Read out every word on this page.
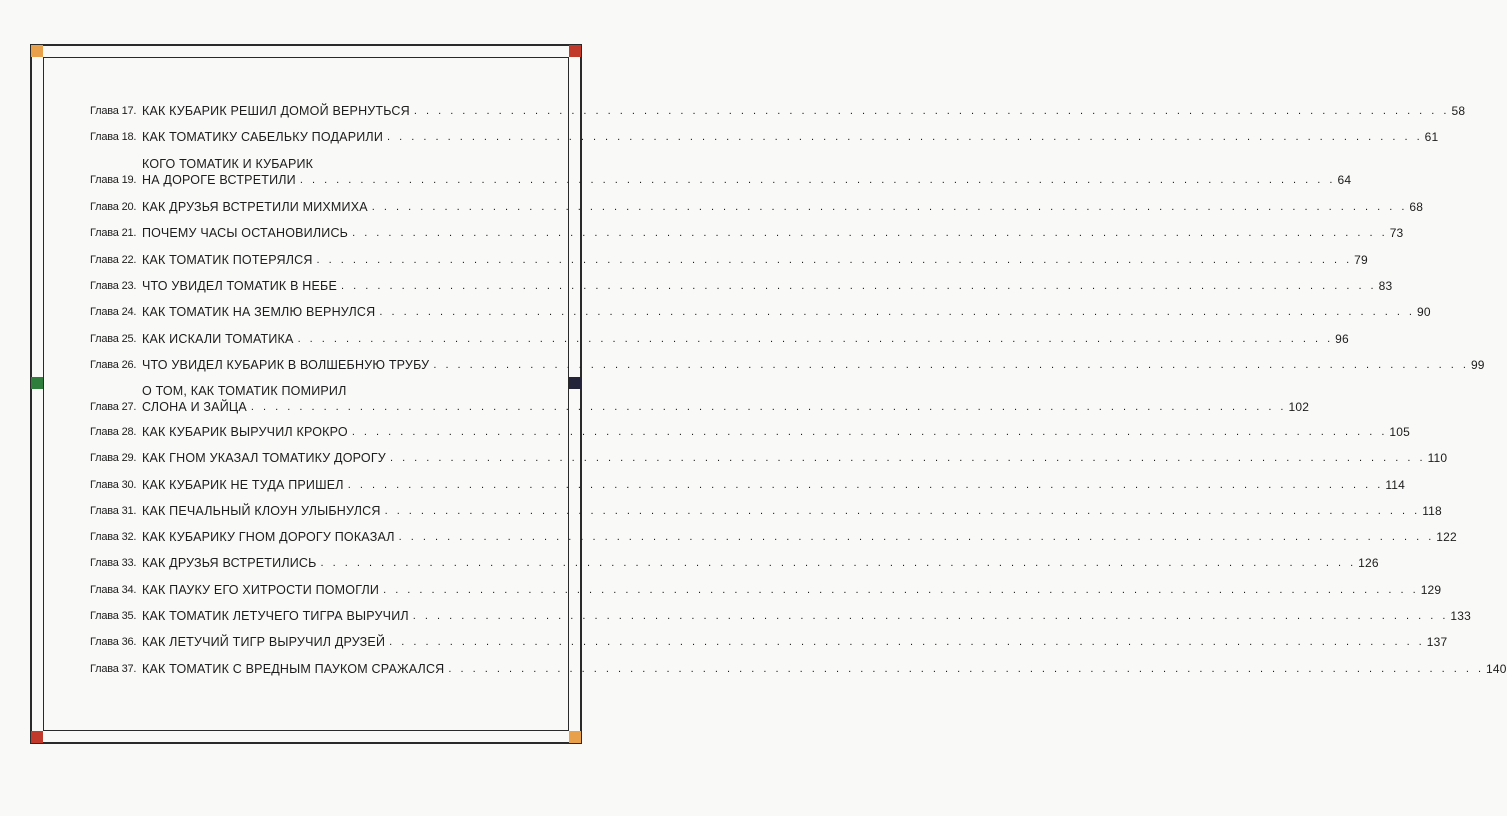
Глава 17. КАК КУБАРИК РЕШИЛ ДОМОЙ ВЕРНУТЬСЯ . . .	58
Глава 18. КАК ТОМАТИКУ САБЕЛЬКУ ПОДАРИЛИ . . .	61
Глава 19.
КОГО ТОМАТИК И КУБАРИК
НА ДОРОГЕ ВСТРЕТИЛИ . . .	64
Глава 20. КАК ДРУЗЬЯ ВСТРЕТИЛИ МИХМИХА . . .	68
Глава 21. ПОЧЕМУ ЧАСЫ ОСТАНОВИЛИСЬ . . .	73
Глава 22. КАК ТОМАТИК ПОТЕРЯЛСЯ . . .	79
Глава 23. ЧТО УВИДЕЛ ТОМАТИК В НЕБЕ . . .	83
Глава 24. КАК ТОМАТИК НА ЗЕМЛЮ ВЕРНУЛСЯ . . .	90
Глава 25. КАК ИСКАЛИ ТОМАТИКА . . .	96
Глава 26. ЧТО УВИДЕЛ КУБАРИК В ВОЛШЕБНУЮ ТРУБУ . . .	99
Глава 27.
О ТОМ, КАК ТОМАТИК ПОМИРИЛ
СЛОНА И ЗАЙЦА . . .	102
Глава 28. КАК КУБАРИК ВЫРУЧИЛ КРОКРО . . .	105
Глава 29. КАК ГНОМ УКАЗАЛ ТОМАТИКУ ДОРОГУ . . .	110
Глава 30. КАК КУБАРИК НЕ ТУДА ПРИШЕЛ . . .	114
Глава 31. КАК ПЕЧАЛЬНЫЙ КЛОУН УЛЫБНУЛСЯ . . .	118
Глава 32. КАК КУБАРИКУ ГНОМ ДОРОГУ ПОКАЗАЛ . . .	122
Глава 33. КАК ДРУЗЬЯ ВСТРЕТИЛИСЬ . . .	126
Глава 34. КАК ПАУКУ ЕГО ХИТРОСТИ ПОМОГЛИ . . .	129
Глава 35. КАК ТОМАТИК ЛЕТУЧЕГО ТИГРА ВЫРУЧИЛ . . .	133
Глава 36. КАК ЛЕТУЧИЙ ТИГР ВЫРУЧИЛ ДРУЗЕЙ . . .	137
Глава 37. КАК ТОМАТИК С ВРЕДНЫМ ПАУКОМ СРАЖАЛСЯ . . .	140
